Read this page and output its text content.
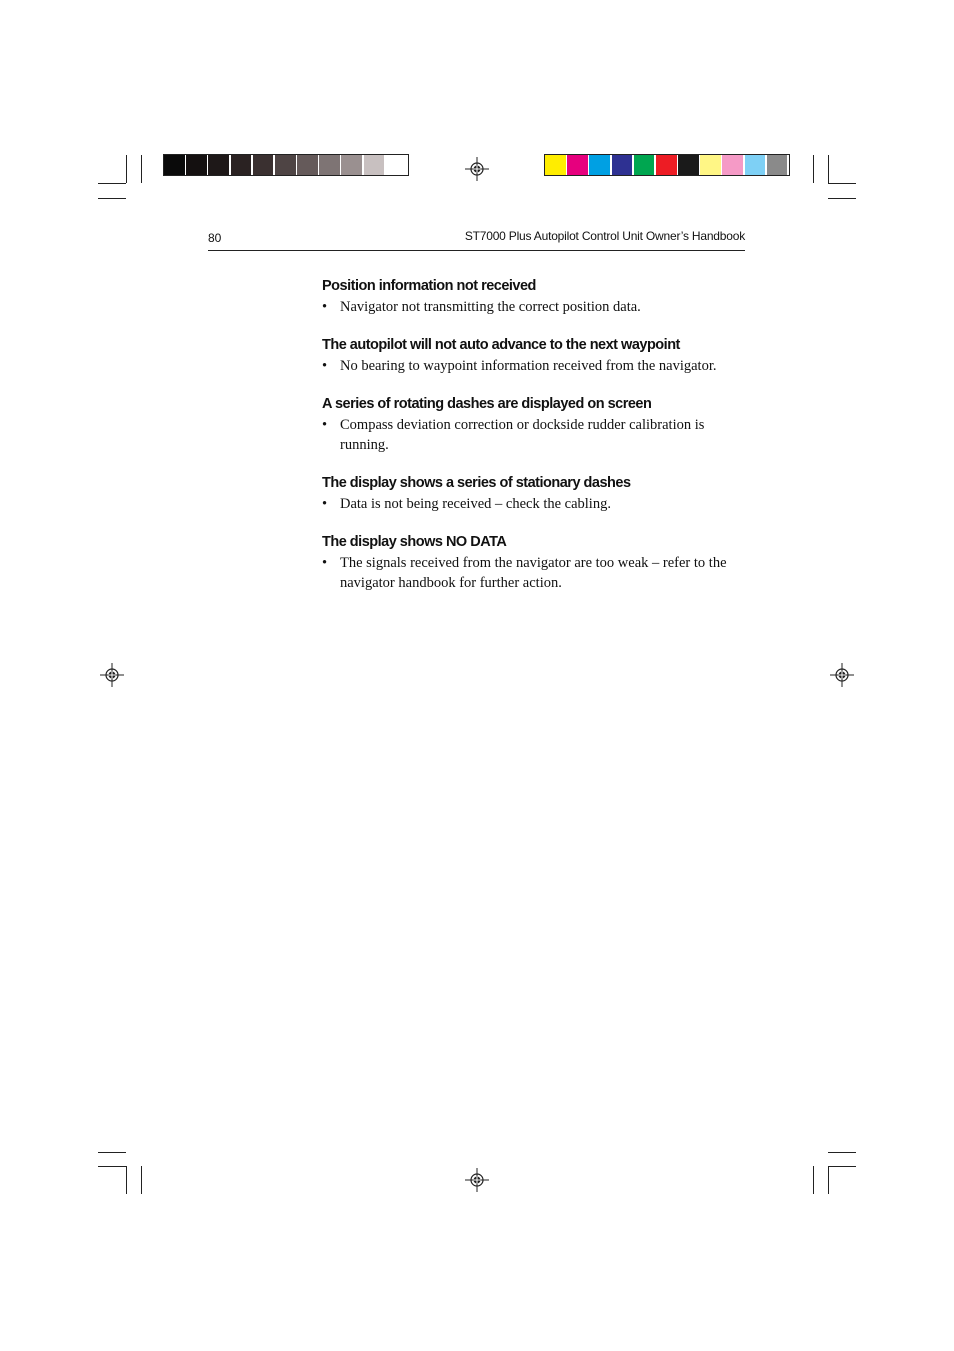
80	ST7000 Plus Autopilot Control Unit Owner’s Handbook
Position information not received
• Navigator not transmitting the correct position data.
The autopilot will not auto advance to the next waypoint
• No bearing to waypoint information received from the navigator.
A series of rotating dashes are displayed on screen
• Compass deviation correction or dockside rudder calibration is running.
The display shows a series of stationary dashes
• Data is not being received – check the cabling.
The display shows NO DATA
• The signals received from the navigator are too weak – refer to the navigator handbook for further action.
